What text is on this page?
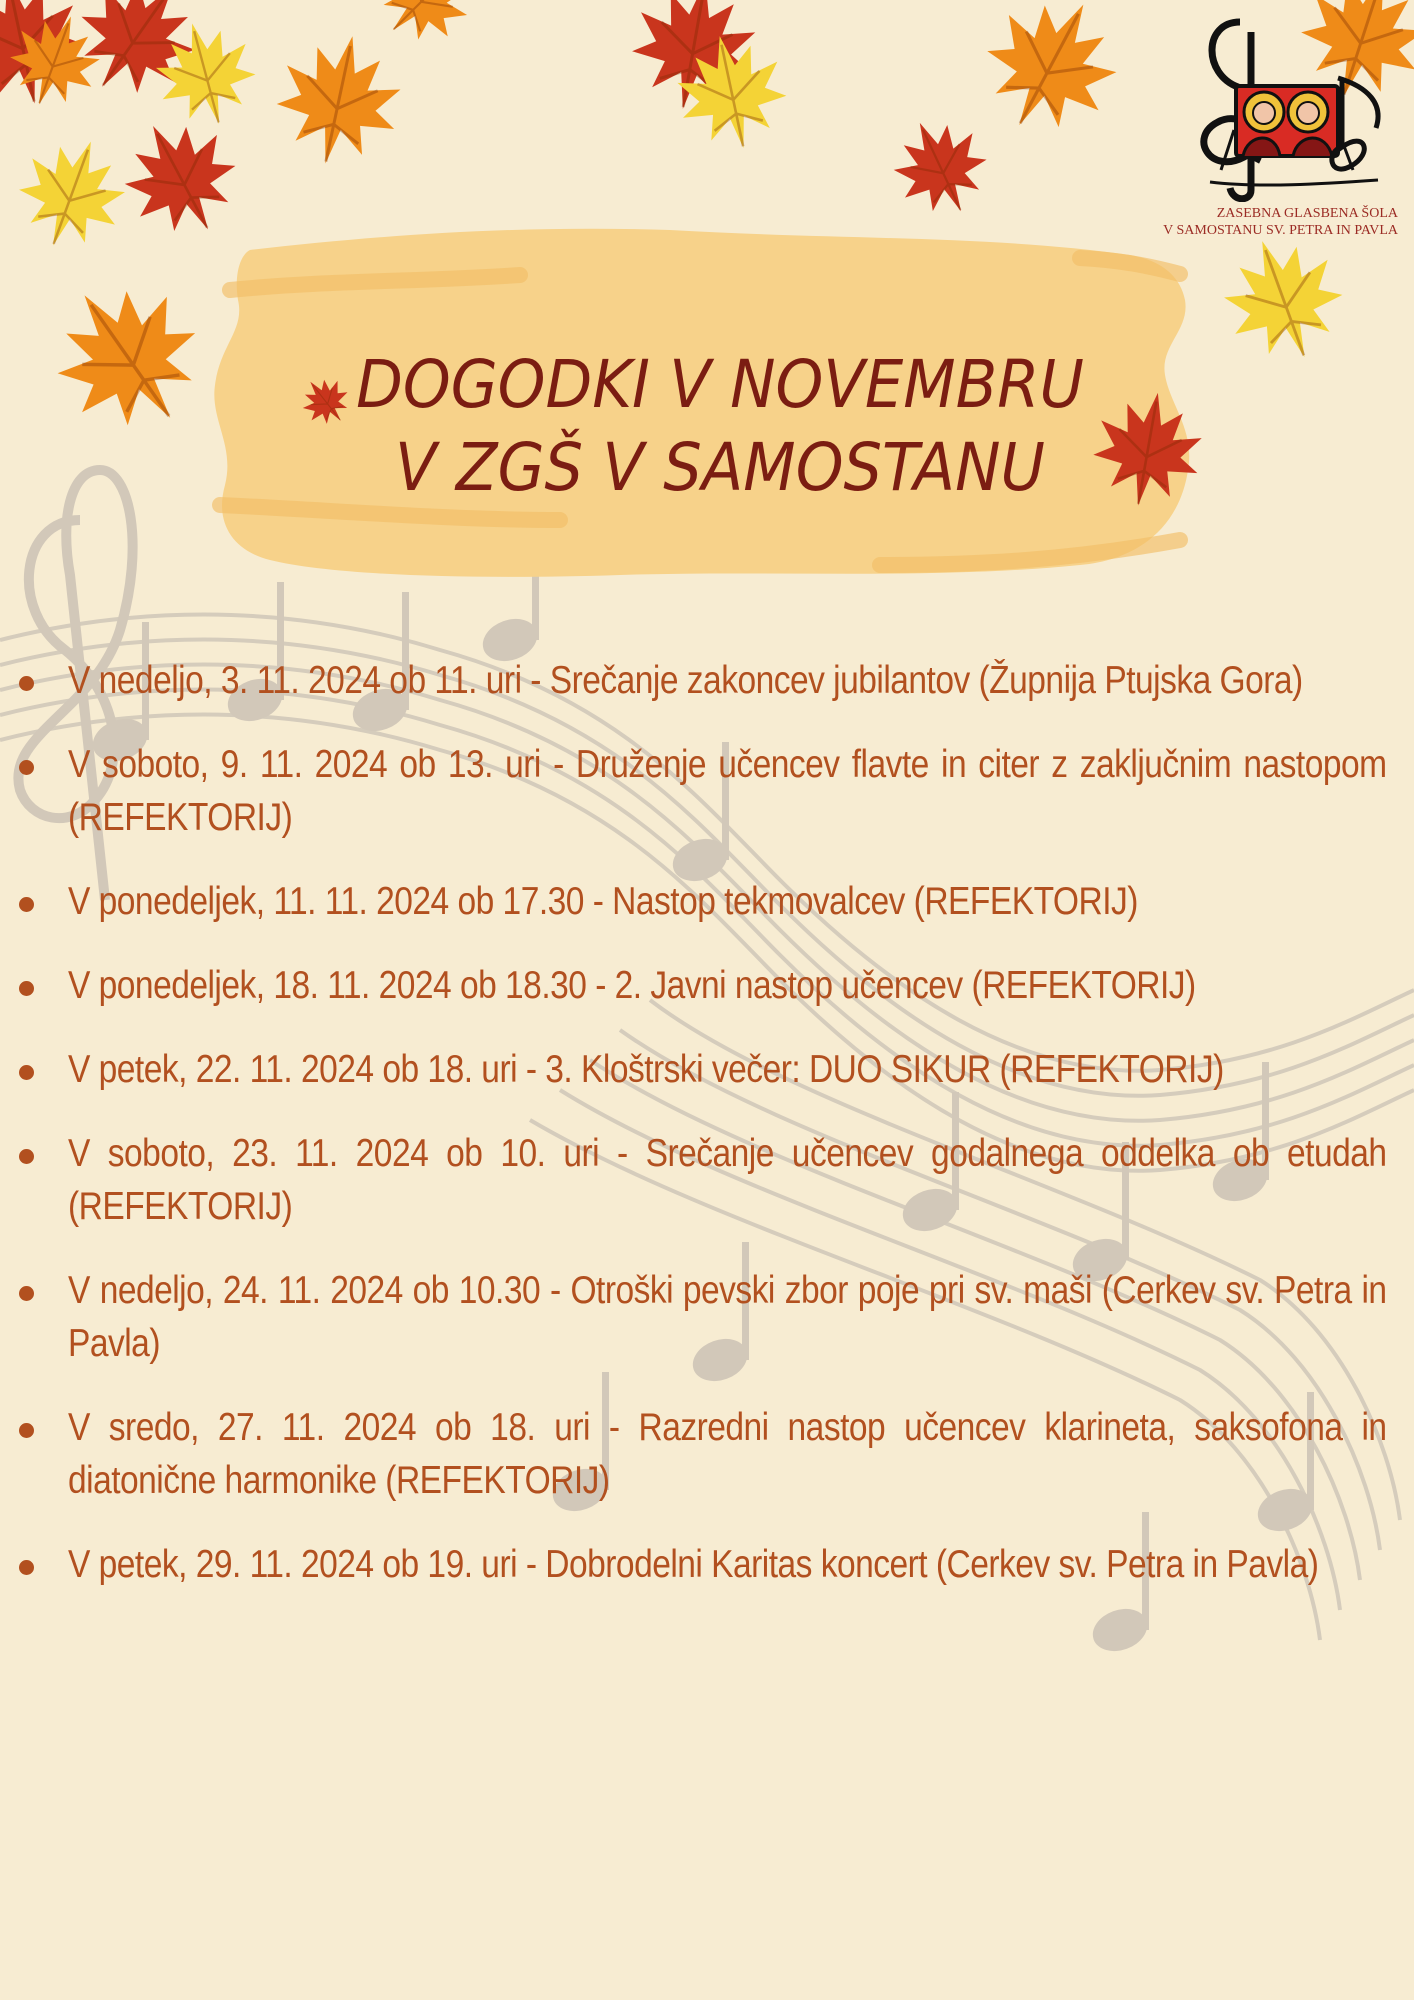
ZASEBNA GLASBENA ŠOLA
V SAMOSTANU SV. PETRA IN PAVLA
DOGODKI V NOVEMBRU
V ZGŠ V SAMOSTANU
V nedeljo, 3. 11. 2024 ob 11. uri - Srečanje zakoncev jubilantov (Župnija Ptujska Gora)
V soboto, 9. 11. 2024 ob 13. uri - Druženje učencev flavte in citer z zaključnim nastopom (REFEKTORIJ)
V ponedeljek, 11. 11. 2024 ob 17.30 - Nastop tekmovalcev (REFEKTORIJ)
V ponedeljek, 18. 11. 2024 ob 18.30 - 2. Javni nastop učencev (REFEKTORIJ)
V petek, 22. 11. 2024 ob 18. uri - 3. Kloštrski večer: DUO SIKUR (REFEKTORIJ)
V soboto, 23. 11. 2024 ob 10. uri - Srečanje učencev godalnega oddelka ob etudah (REFEKTORIJ)
V nedeljo, 24. 11. 2024 ob 10.30 - Otroški pevski zbor poje pri sv. maši (Cerkev sv. Petra in Pavla)
V sredo, 27. 11. 2024 ob 18. uri - Razredni nastop učencev klarineta, saksofona in diatonične harmonike (REFEKTORIJ)
V petek, 29. 11. 2024 ob 19. uri - Dobrodelni Karitas koncert (Cerkev sv. Petra in Pavla)
